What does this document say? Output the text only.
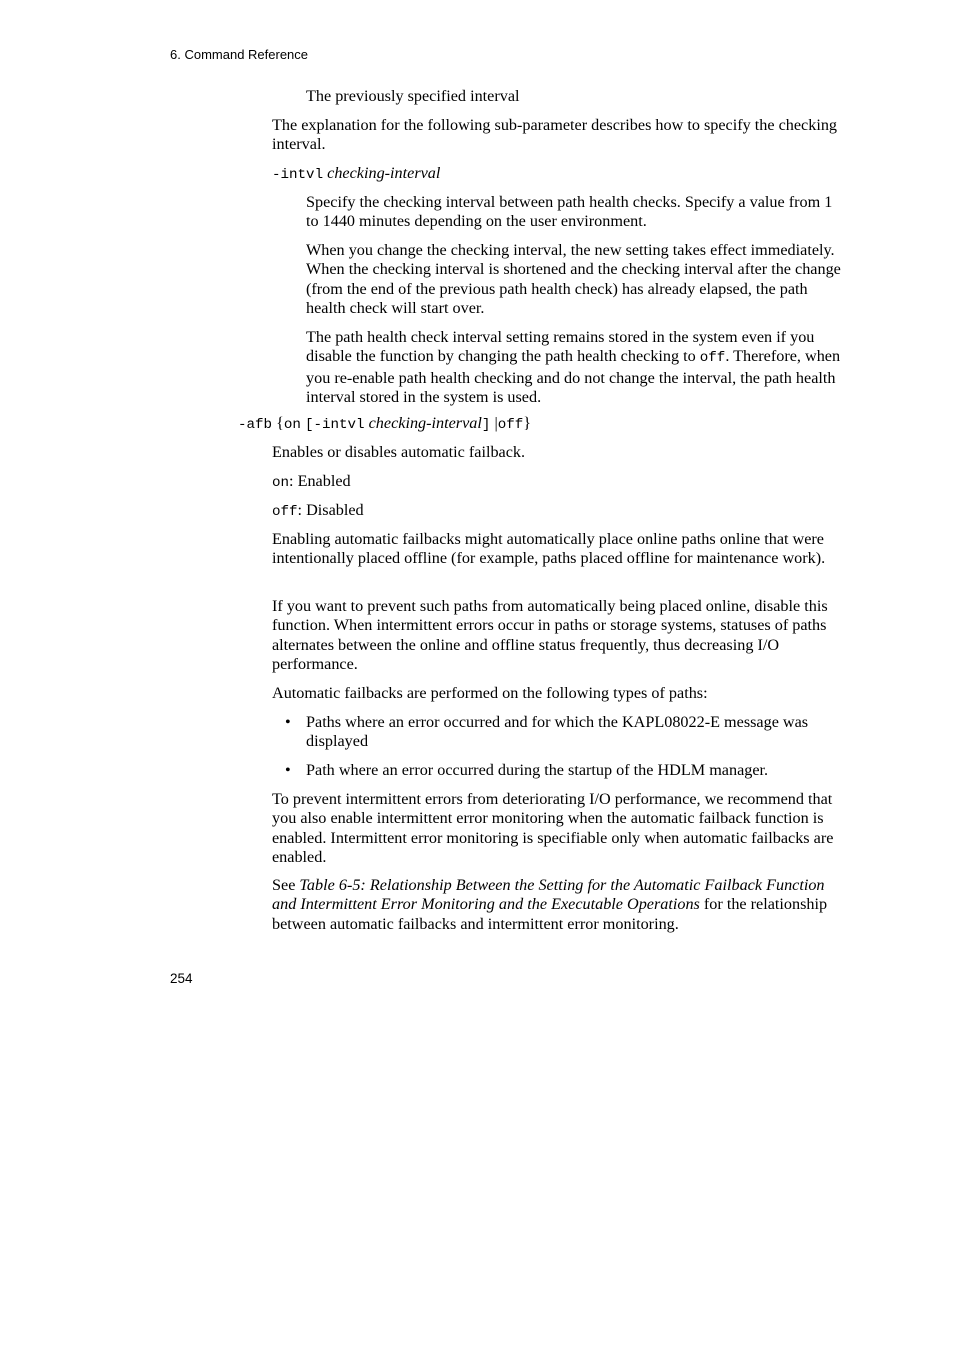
6. Command Reference

The previously specified interval

The explanation for the following sub-parameter describes how to specify the checking interval.

-intvl checking-interval

Specify the checking interval between path health checks. Specify a value from 1 to 1440 minutes depending on the user environment.

When you change the checking interval, the new setting takes effect immediately. When the checking interval is shortened and the checking interval after the change (from the end of the previous path health check) has already elapsed, the path health check will start over.

The path health check interval setting remains stored in the system even if you disable the function by changing the path health checking to off. Therefore, when you re-enable path health checking and do not change the interval, the path health interval stored in the system is used.

-afb {on [-intvl checking-interval] |off}

Enables or disables automatic failback.

on: Enabled

off: Disabled

Enabling automatic failbacks might automatically place online paths online that were intentionally placed offline (for example, paths placed offline for maintenance work).

If you want to prevent such paths from automatically being placed online, disable this function. When intermittent errors occur in paths or storage systems, statuses of paths alternates between the online and offline status frequently, thus decreasing I/O performance.

Automatic failbacks are performed on the following types of paths:

• Paths where an error occurred and for which the KAPL08022-E message was displayed

• Path where an error occurred during the startup of the HDLM manager.

To prevent intermittent errors from deteriorating I/O performance, we recommend that you also enable intermittent error monitoring when the automatic failback function is enabled. Intermittent error monitoring is specifiable only when automatic failbacks are enabled.

See Table 6-5: Relationship Between the Setting for the Automatic Failback Function and Intermittent Error Monitoring and the Executable Operations for the relationship between automatic failbacks and intermittent error monitoring.

254
